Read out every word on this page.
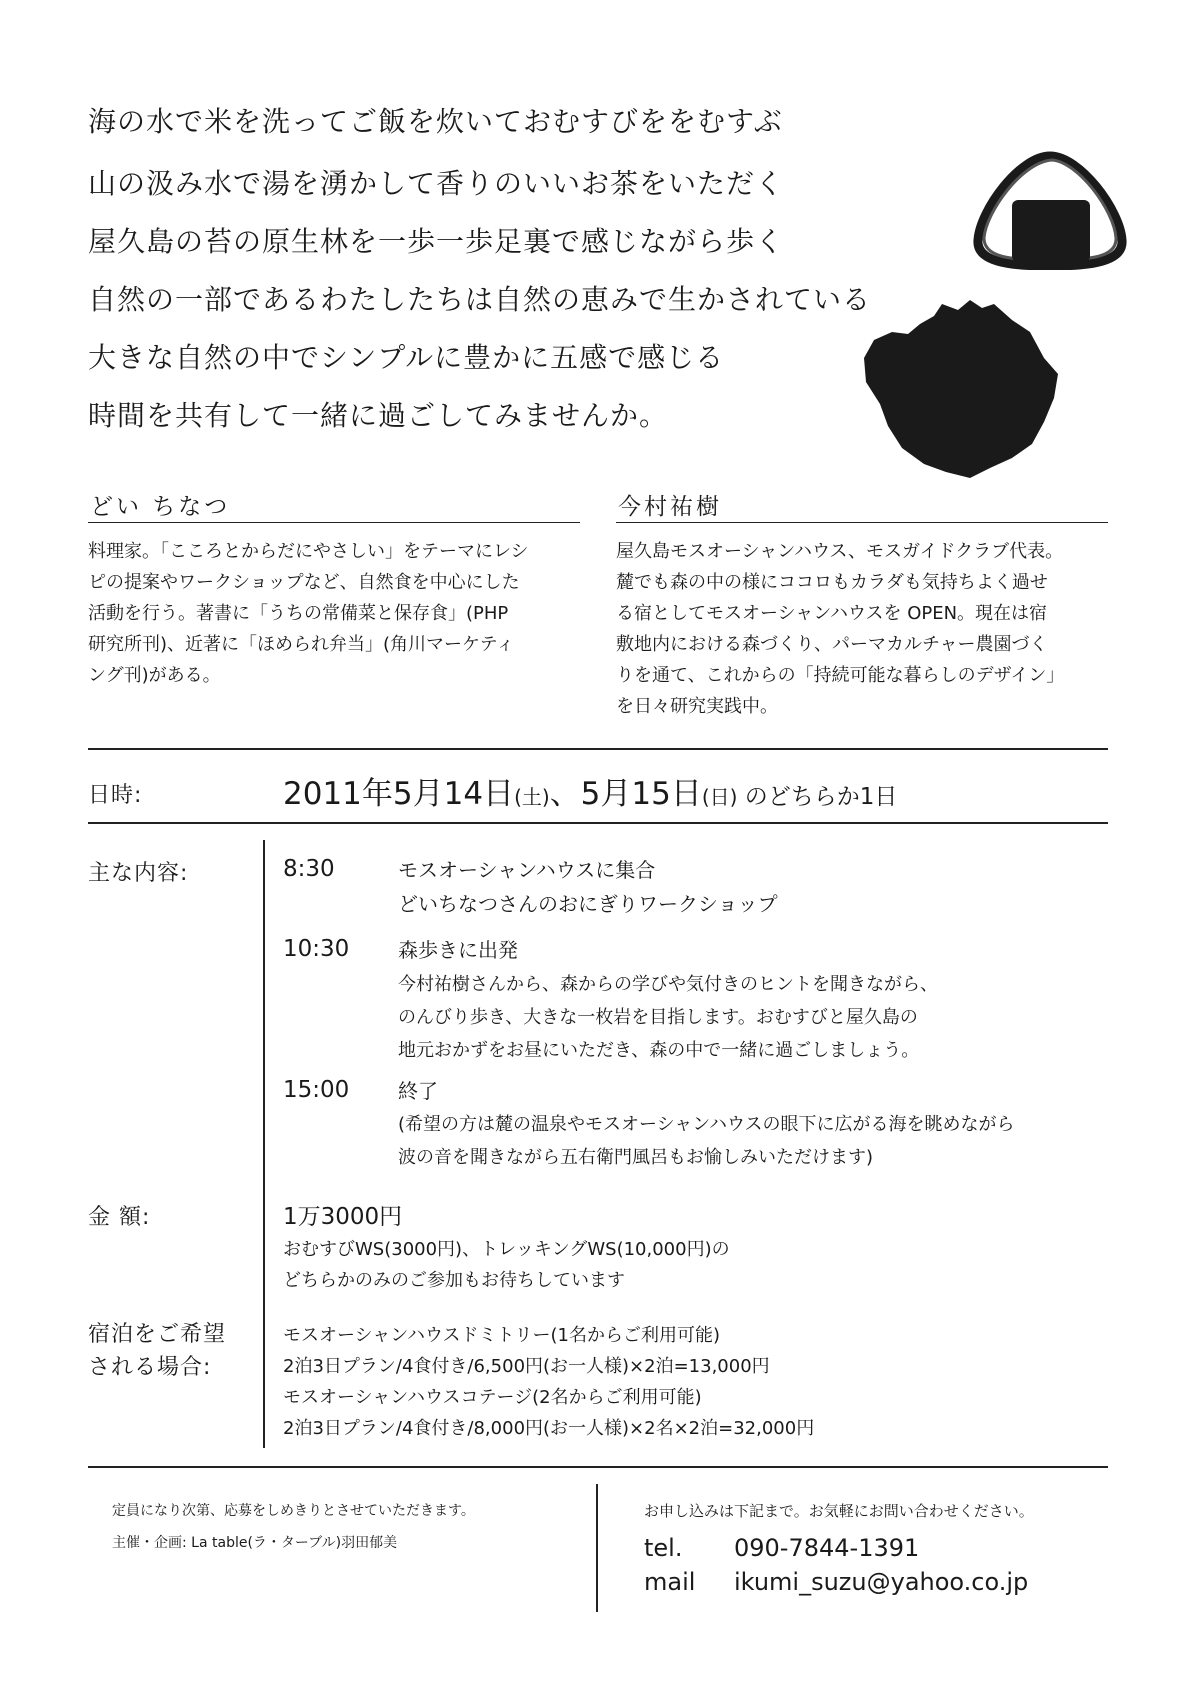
海の水で米を洗ってご飯を炊いておむすびををむすぶ
山の汲み水で湯を湧かして香りのいいお茶をいただく
屋久島の苔の原生林を一歩一歩足裏で感じながら歩く
自然の一部であるわたしたちは自然の恵みで生かされている
大きな自然の中でシンプルに豊かに五感で感じる
時間を共有して一緒に過ごしてみませんか。
どい ちなつ
料理家。「こころとからだにやさしい」をテーマにレシ
ピの提案やワークショップなど、自然食を中心にした
活動を行う。著書に「うちの常備菜と保存食」(PHP
研究所刊)、近著に「ほめられ弁当」(角川マーケティ
ング刊)がある。
今村祐樹
屋久島モスオーシャンハウス、モスガイドクラブ代表。
麓でも森の中の様にココロもカラダも気持ちよく過せ
る宿としてモスオーシャンハウスを OPEN。現在は宿
敷地内における森づくり、パーマカルチャー農園づく
りを通て、これからの「持続可能な暮らしのデザイン」
を日々研究実践中。
日時:	2011年5月14日(土)、5月15日(日) のどちらか1日
主な内容:	8:30	モスオーシャンハウスに集合
どいちなつさんのおにぎりワークショップ
10:30 森歩きに出発
今村祐樹さんから、森からの学びや気付きのヒントを聞きながら、
のんびり歩き、大きな一枚岩を目指します。おむすびと屋久島の
地元おかずをお昼にいただき、森の中で一緒に過ごしましょう。
15:00 終了
(希望の方は麓の温泉やモスオーシャンハウスの眼下に広がる海を眺めながら
波の音を聞きながら五右衛門風呂もお愉しみいただけます)
金 額:	1万3000円
おむすびWS(3000円)、トレッキングWS(10,000円)の
どちらかのみのご参加もお待ちしています
宿泊をご希望
される場合:
モスオーシャンハウスドミトリー(1名からご利用可能)
2泊3日プラン/4食付き/6,500円(お一人様)×2泊=13,000円
モスオーシャンハウスコテージ(2名からご利用可能)
2泊3日プラン/4食付き/8,000円(お一人様)×2名×2泊=32,000円
定員になり次第、応募をしめきりとさせていただきます。
主催・企画: La table(ラ・ターブル)羽田郁美
お申し込みは下記まで。お気軽にお問い合わせください。
tel. 090-7844-1391
mail ikumi_suzu@yahoo.co.jp
